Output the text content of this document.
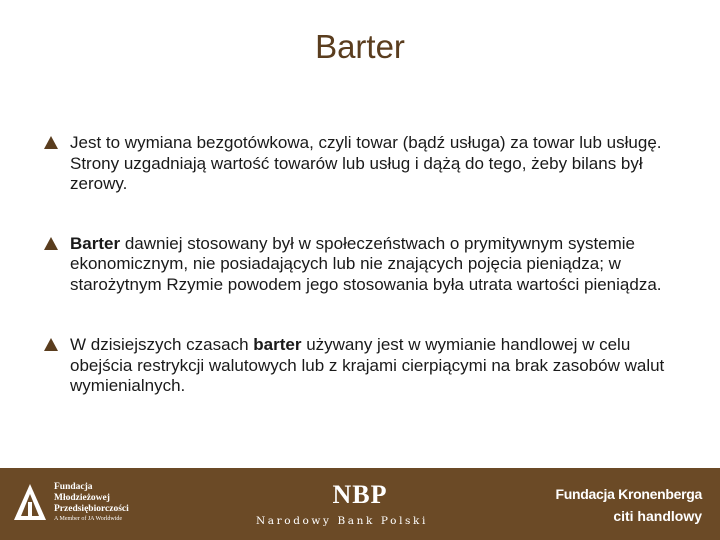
Barter
Jest to wymiana bezgotówkowa, czyli towar (bądź usługa) za towar lub usługę. Strony uzgadniają wartość towarów lub usług i dążą do tego, żeby bilans był zerowy.
Barter dawniej stosowany był w społeczeństwach o prymitywnym systemie ekonomicznym, nie posiadających lub nie znających pojęcia pieniądza; w starożytnym Rzymie powodem jego stosowania była utrata wartości pieniądza.
W dzisiejszych czasach barter używany jest w wymianie handlowej w celu obejścia restrykcji walutowych lub z krajami cierpiącymi na brak zasobów walut wymienialnych.
Fundacja
Młodzieżowej
Przedsiębiorczości
A Member of JA Worldwide
NBP
Narodowy Bank Polski
Fundacja Kronenberga
citi handlowy
